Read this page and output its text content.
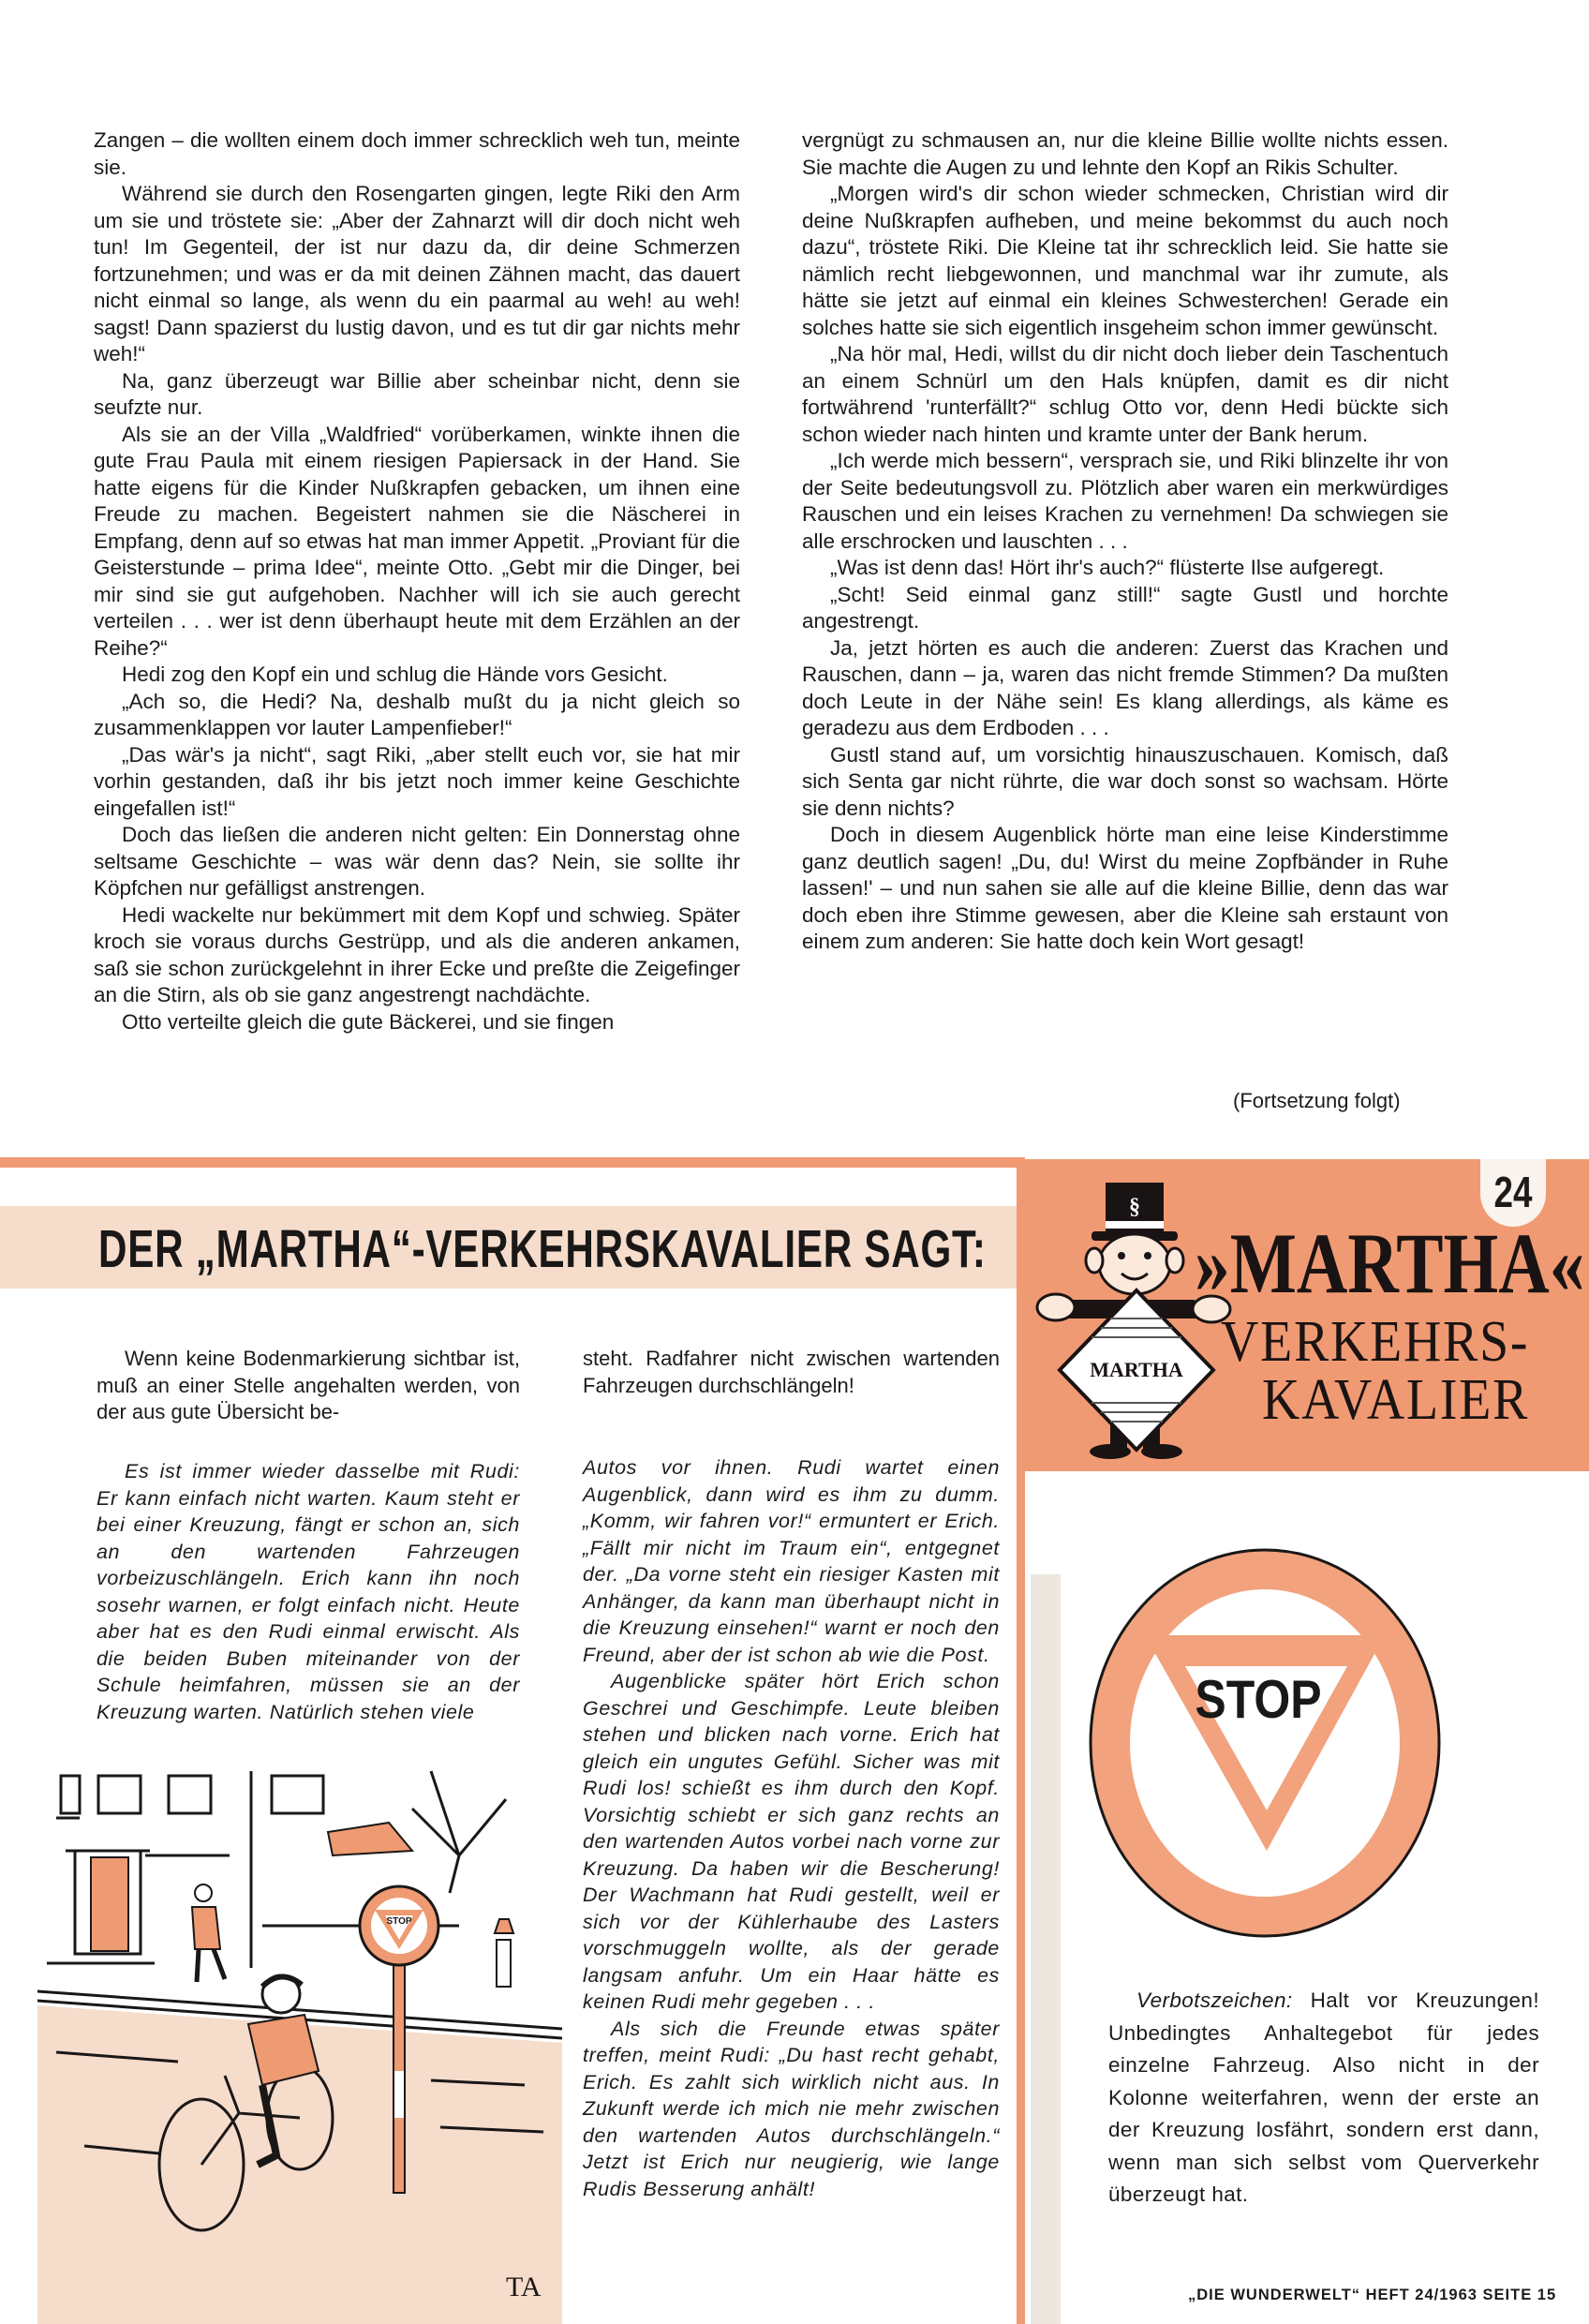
Zangen – die wollten einem doch immer schrecklich weh tun, meinte sie.

Während sie durch den Rosengarten gingen, legte Riki den Arm um sie und tröstete sie: „Aber der Zahnarzt will dir doch nicht weh tun! Im Gegenteil, der ist nur dazu da, dir deine Schmerzen fortzunehmen; und was er da mit deinen Zähnen macht, das dauert nicht einmal so lange, als wenn du ein paarmal au weh! au weh! sagst! Dann spazierst du lustig davon, und es tut dir gar nichts mehr weh!“

Na, ganz überzeugt war Billie aber scheinbar nicht, denn sie seufzte nur.

Als sie an der Villa „Waldfried“ vorüberkamen, winkte ihnen die gute Frau Paula mit einem riesigen Papiersack in der Hand. Sie hatte eigens für die Kinder Nußkrapfen gebacken, um ihnen eine Freude zu machen. Begeistert nahmen sie die Näscherei in Empfang, denn auf so etwas hat man immer Appetit. „Proviant für die Geisterstunde – prima Idee“, meinte Otto. „Gebt mir die Dinger, bei mir sind sie gut aufgehoben. Nachher will ich sie auch gerecht verteilen . . . wer ist denn überhaupt heute mit dem Erzählen an der Reihe?“

Hedi zog den Kopf ein und schlug die Hände vors Gesicht.

„Ach so, die Hedi? Na, deshalb mußt du ja nicht gleich so zusammenklappen vor lauter Lampenfieber!“

„Das wär's ja nicht“, sagt Riki, „aber stellt euch vor, sie hat mir vorhin gestanden, daß ihr bis jetzt noch immer keine Geschichte eingefallen ist!“

Doch das ließen die anderen nicht gelten: Ein Donnerstag ohne seltsame Geschichte – was wär denn das? Nein, sie sollte ihr Köpfchen nur gefälligst anstrengen.

Hedi wackelte nur bekümmert mit dem Kopf und schwieg. Später kroch sie voraus durchs Gestrüpp, und als die anderen ankamen, saß sie schon zurückgelehnt in ihrer Ecke und preßte die Zeigefinger an die Stirn, als ob sie ganz angestrengt nachdächte.

Otto verteilte gleich die gute Bäckerei, und sie fingen

vergnügt zu schmausen an, nur die kleine Billie wollte nichts essen. Sie machte die Augen zu und lehnte den Kopf an Rikis Schulter.

„Morgen wird's dir schon wieder schmecken, Christian wird dir deine Nußkrapfen aufheben, und meine bekommst du auch noch dazu“, tröstete Riki. Die Kleine tat ihr schrecklich leid. Sie hatte sie nämlich recht liebgewonnen, und manchmal war ihr zumute, als hätte sie jetzt auf einmal ein kleines Schwesterchen! Gerade ein solches hatte sie sich eigentlich insgeheim schon immer gewünscht.

„Na hör mal, Hedi, willst du dir nicht doch lieber dein Taschentuch an einem Schnürl um den Hals knüpfen, damit es dir nicht fortwährend 'runterfällt?“ schlug Otto vor, denn Hedi bückte sich schon wieder nach hinten und kramte unter der Bank herum.

„Ich werde mich bessern“, versprach sie, und Riki blinzelte ihr von der Seite bedeutungsvoll zu. Plötzlich aber waren ein merkwürdiges Rauschen und ein leises Krachen zu vernehmen! Da schwiegen sie alle erschrocken und lauschten . . .

„Was ist denn das! Hört ihr's auch?“ flüsterte Ilse aufgeregt.

„Scht! Seid einmal ganz still!“ sagte Gustl und horchte angestrengt.

Ja, jetzt hörten es auch die anderen: Zuerst das Krachen und Rauschen, dann – ja, waren das nicht fremde Stimmen? Da mußten doch Leute in der Nähe sein! Es klang allerdings, als käme es geradezu aus dem Erdboden . . .

Gustl stand auf, um vorsichtig hinauszuschauen. Komisch, daß sich Senta gar nicht rührte, die war doch sonst so wachsam. Hörte sie denn nichts?

Doch in diesem Augenblick hörte man eine leise Kinderstimme ganz deutlich sagen! „Du, du! Wirst du meine Zopfbänder in Ruhe lassen!' – und nun sahen sie alle auf die kleine Billie, denn das war doch eben ihre Stimme gewesen, aber die Kleine sah erstaunt von einem zum anderen: Sie hatte doch kein Wort gesagt!

(Fortsetzung folgt)
DER „MARTHA“-VERKEHRSKAVALIER SAGT:
§
MARTHA
24
»MARTHA«
VERKEHRS-
KAVALIER

Wenn keine Bodenmarkierung sichtbar ist, muß an einer Stelle angehalten werden, von der aus gute Übersicht be-

steht. Radfahrer nicht zwischen wartenden Fahrzeugen durchschlängeln!

Es ist immer wieder dasselbe mit Rudi: Er kann einfach nicht warten. Kaum steht er bei einer Kreuzung, fängt er schon an, sich an den wartenden Fahrzeugen vorbeizuschlängeln. Erich kann ihn noch sosehr warnen, er folgt einfach nicht. Heute aber hat es den Rudi einmal erwischt. Als die beiden Buben miteinander von der Schule heimfahren, müssen sie an der Kreuzung warten. Natürlich stehen viele

Autos vor ihnen. Rudi wartet einen Augenblick, dann wird es ihm zu dumm. „Komm, wir fahren vor!“ ermuntert er Erich. „Fällt mir nicht im Traum ein“, entgegnet der. „Da vorne steht ein riesiger Kasten mit Anhänger, da kann man überhaupt nicht in die Kreuzung einsehen!“ warnt er noch den Freund, aber der ist schon ab wie die Post.

Augenblicke später hört Erich schon Geschrei und Geschimpfe. Leute bleiben stehen und blicken nach vorne. Erich hat gleich ein ungutes Gefühl. Sicher was mit Rudi los! schießt es ihm durch den Kopf. Vorsichtig schiebt er sich ganz rechts an den wartenden Autos vorbei nach vorne zur Kreuzung. Da haben wir die Bescherung! Der Wachmann hat Rudi gestellt, weil er sich vor der Kühlerhaube des Lasters vorschmuggeln wollte, als der gerade langsam anfuhr. Um ein Haar hätte es keinen Rudi mehr gegeben . . .

Als sich die Freunde etwas später treffen, meint Rudi: „Du hast recht gehabt, Erich. Es zahlt sich wirklich nicht aus. In Zukunft werde ich mich nie mehr zwischen den wartenden Autos durchschlängeln.“ Jetzt ist Erich nur neugierig, wie lange Rudis Besserung anhält!

STOP
TA
STOP
Verbotszeichen: Halt vor Kreuzungen! Unbedingtes Anhaltegebot für jedes einzelne Fahrzeug. Also nicht in der Kolonne weiterfahren, wenn der erste an der Kreuzung losfährt, sondern erst dann, wenn man sich selbst vom Querverkehr überzeugt hat.
„DIE WUNDERWELT“ HEFT 24/1963 SEITE 15
